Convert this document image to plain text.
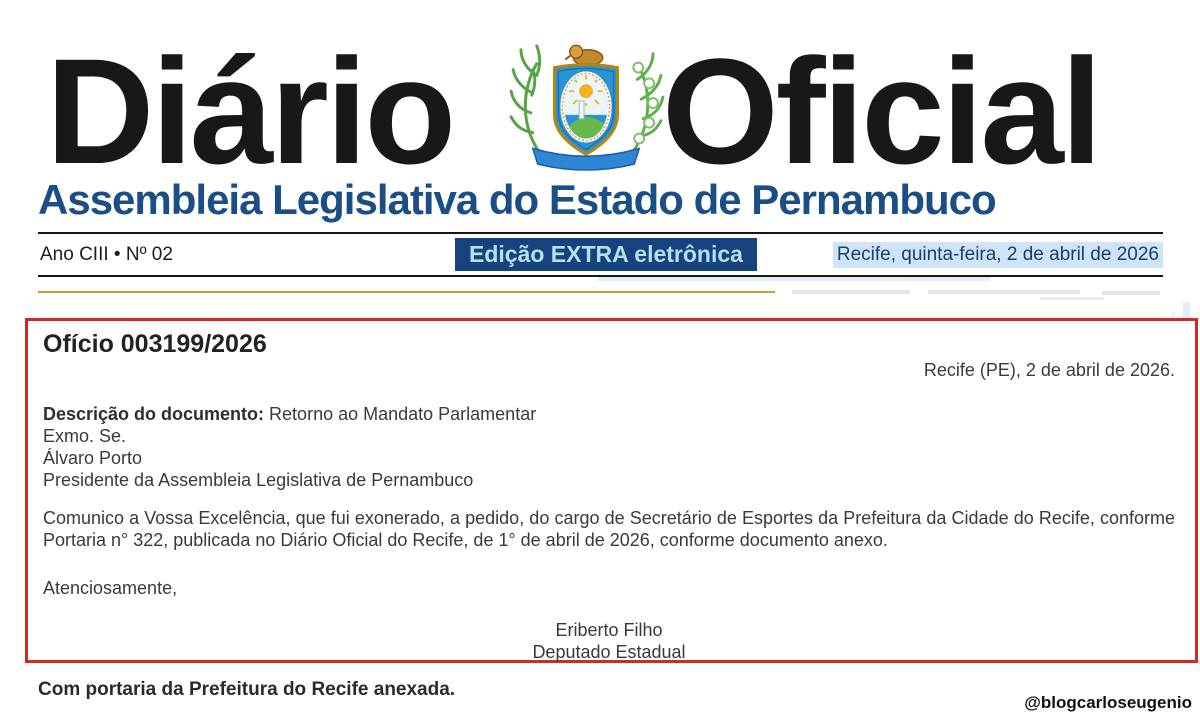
Diário Oficial
Assembleia Legislativa do Estado de Pernambuco
Ano CIII • Nº 02	Edição EXTRA eletrônica	Recife, quinta-feira, 2 de abril de 2026
Ofício 003199/2026
Recife (PE), 2 de abril de 2026.
Descrição do documento: Retorno ao Mandato Parlamentar
Exmo. Se.
Álvaro Porto
Presidente da Assembleia Legislativa de Pernambuco

Comunico a Vossa Excelência, que fui exonerado, a pedido, do cargo de Secretário de Esportes da Prefeitura da Cidade do Recife, conforme Portaria n° 322, publicada no Diário Oficial do Recife, de 1° de abril de 2026, conforme documento anexo.

Atenciosamente,
Eriberto Filho
Deputado Estadual
Com portaria da Prefeitura do Recife anexada.
@blogcarloseugenio
